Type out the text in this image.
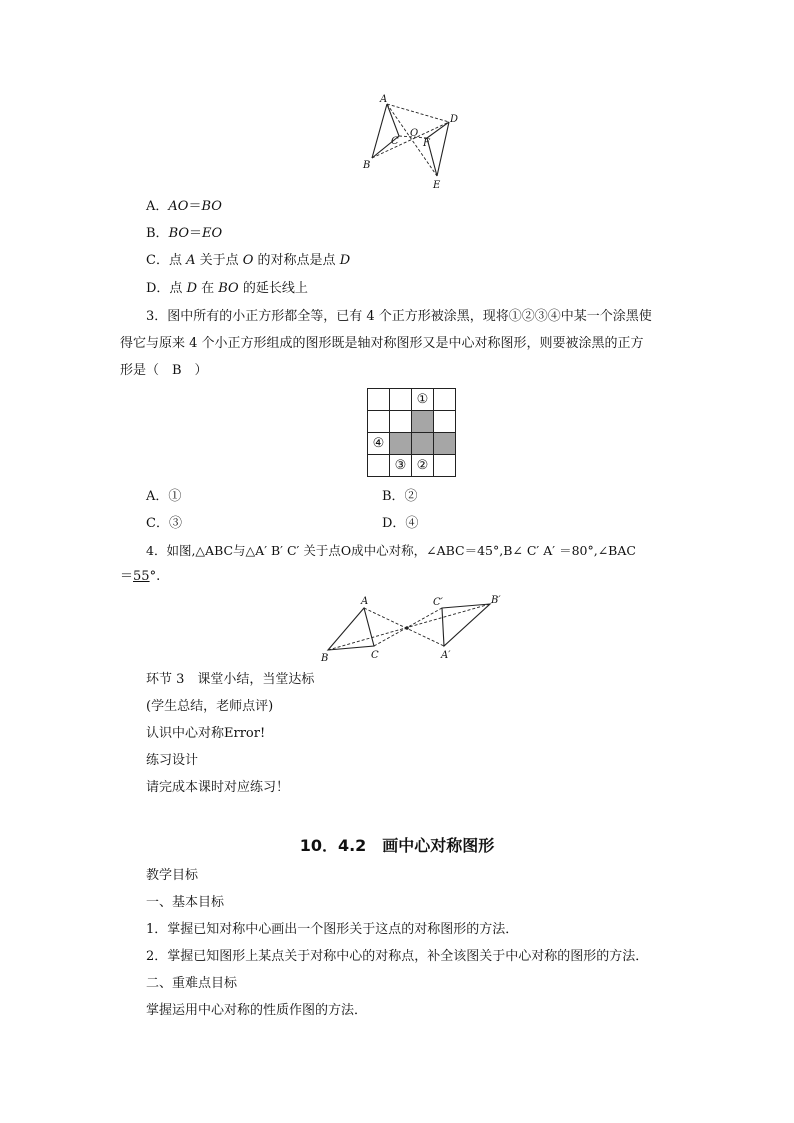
A
B
C
O
F
D
E
A．AO＝BO
B．BO＝EO
C．点 A 关于点 O 的对称点是点 D
D．点 D 在 BO 的延长线上
3．图中所有的小正方形都全等，已有 4 个正方形被涂黑，现将①②③④中某一个涂黑使
得它与原来 4 个小正方形组成的图形既是轴对称图形又是中心对称图形，则要被涂黑的正方
形是（　B　）
①
④
③ ②
A．①	B．②
C．③	D．④
4．如图,△ABC与△A′ B′ C′ 关于点O成中心对称，∠ABC＝45°,B∠ C′ A′ ＝80°,∠BAC
＝55°.
A
B	C
C′	B′
A′
环节 3　课堂小结，当堂达标
(学生总结，老师点评)
认识中心对称Error!
练习设计
请完成本课时对应练习！
10．4.2　画中心对称图形
教学目标
一、基本目标
1．掌握已知对称中心画出一个图形关于这点的对称图形的方法．
2．掌握已知图形上某点关于对称中心的对称点，补全该图关于中心对称的图形的方法．
二、重难点目标
掌握运用中心对称的性质作图的方法．
